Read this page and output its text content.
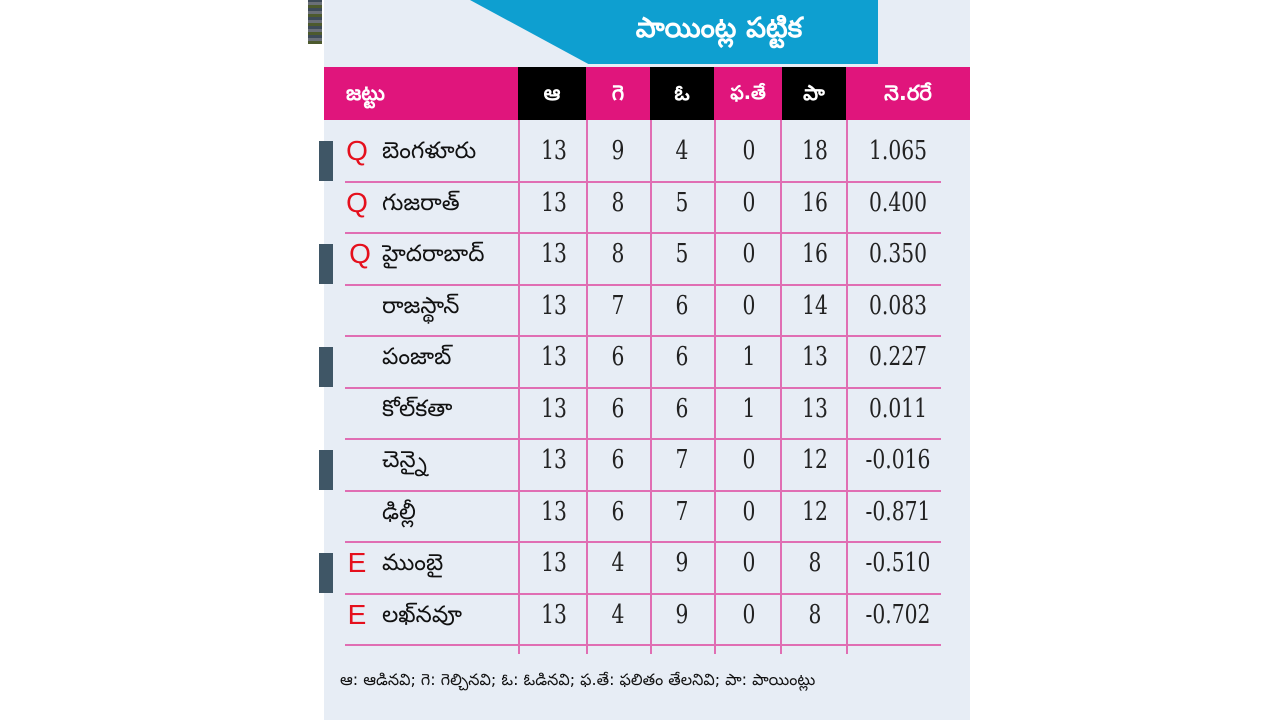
పాయింట్ల పట్టిక
జట్టు	ఆ	గె	ఓ	ఫ.తే	పా	నె.రరే
Q బెంగళూరు	13	9	4	0	18	1.065
Q గుజరాత్	13	8	5	0	16	0.400
Q హైదరాబాద్	13	8	5	0	16	0.350
రాజస్థాన్	13	7	6	0	14	0.083
పంజాబ్	13	6	6	1	13	0.227
కోల్‌కతా	13	6	6	1	13	0.011
చెన్నై	13	6	7	0	12	-0.016
ఢిల్లీ	13	6	7	0	12	-0.871
E ముంబై	13	4	9	0	8	-0.510
E లఖ్‌నవూ	13	4	9	0	8	-0.702
ఆ: ఆడినవి; గె: గెల్చినవి; ఓ: ఓడినవి; ఫ.తే: ఫలితం తేలనివి; పా: పాయింట్లు
